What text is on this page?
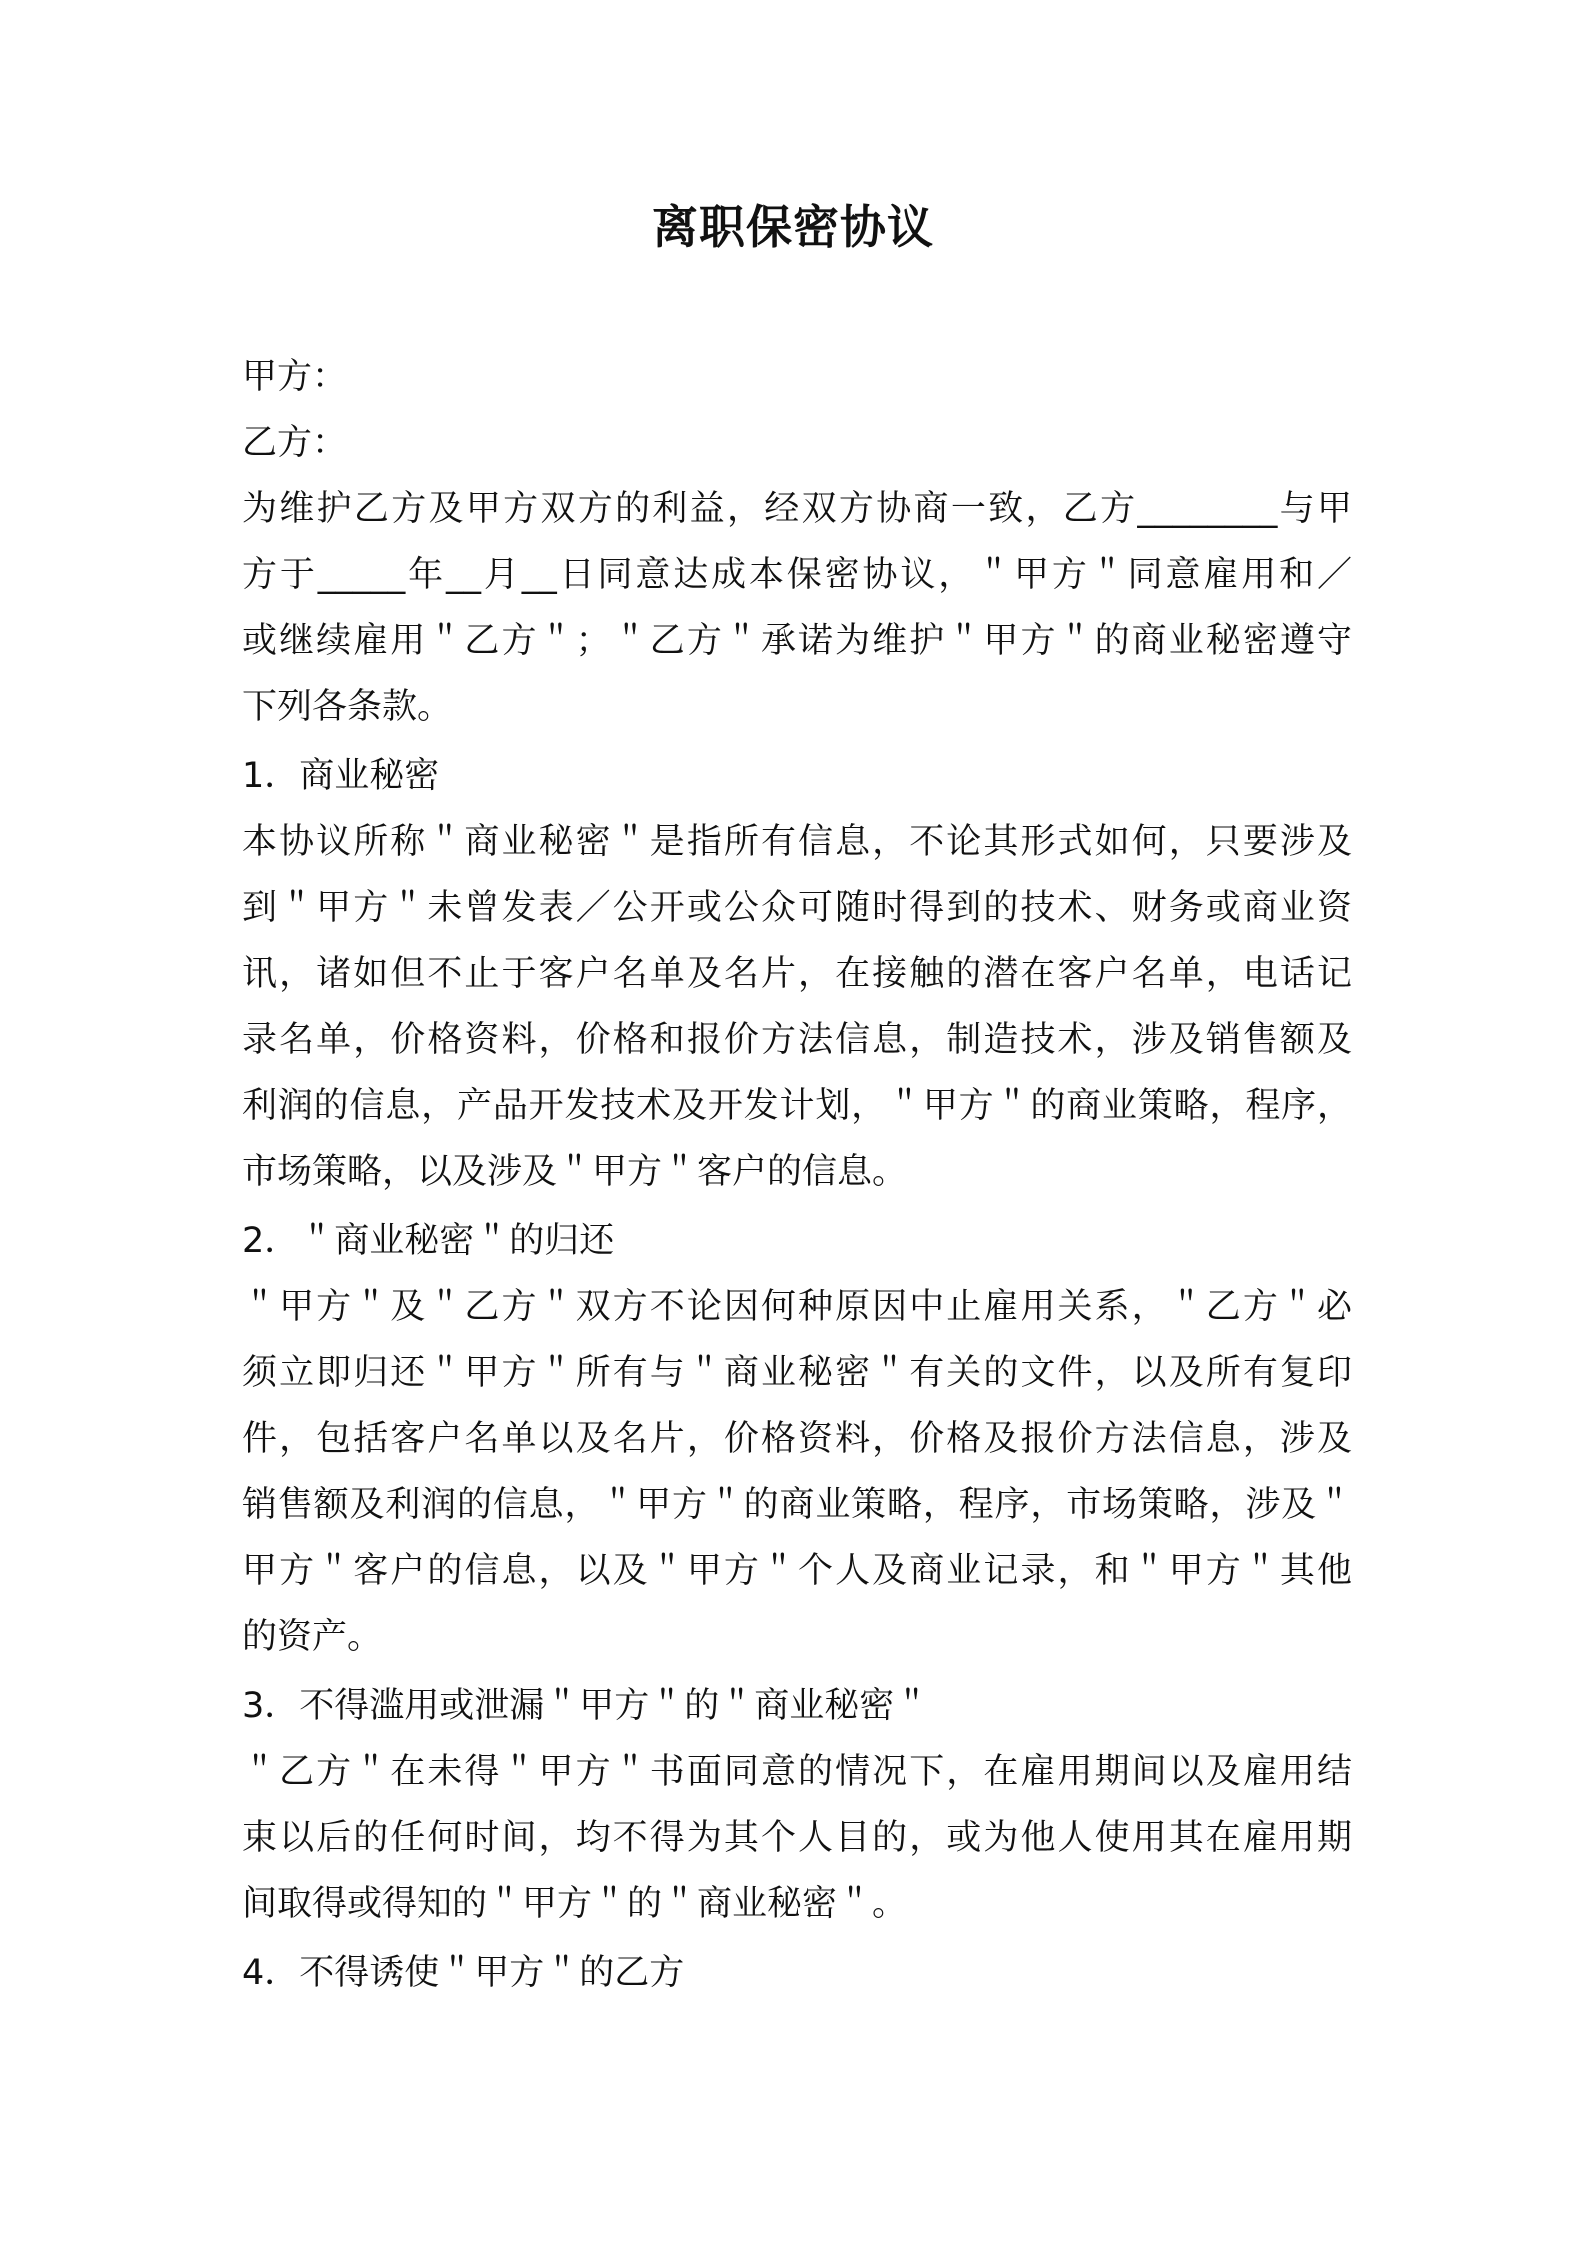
离职保密协议

甲方：

乙方：

为维护乙方及甲方双方的利益，经双方协商一致，乙方________与甲

方于_____年__月__日同意达成本保密协议，＂甲方＂同意雇用和／

或继续雇用＂乙方＂；＂乙方＂承诺为维护＂甲方＂的商业秘密遵守

下列各条款。

1．商业秘密

本协议所称＂商业秘密＂是指所有信息，不论其形式如何，只要涉及

到＂甲方＂未曾发表／公开或公众可随时得到的技术、财务或商业资

讯，诸如但不止于客户名单及名片，在接触的潜在客户名单，电话记

录名单，价格资料，价格和报价方法信息，制造技术，涉及销售额及

利润的信息，产品开发技术及开发计划，＂甲方＂的商业策略，程序，

市场策略，以及涉及＂甲方＂客户的信息。

2．＂商业秘密＂的归还

＂甲方＂及＂乙方＂双方不论因何种原因中止雇用关系，＂乙方＂必

须立即归还＂甲方＂所有与＂商业秘密＂有关的文件，以及所有复印

件，包括客户名单以及名片，价格资料，价格及报价方法信息，涉及

销售额及利润的信息，＂甲方＂的商业策略，程序，市场策略，涉及＂

甲方＂客户的信息，以及＂甲方＂个人及商业记录，和＂甲方＂其他

的资产。

3．不得滥用或泄漏＂甲方＂的＂商业秘密＂

＂乙方＂在未得＂甲方＂书面同意的情况下，在雇用期间以及雇用结

束以后的任何时间，均不得为其个人目的，或为他人使用其在雇用期

间取得或得知的＂甲方＂的＂商业秘密＂。

4．不得诱使＂甲方＂的乙方
